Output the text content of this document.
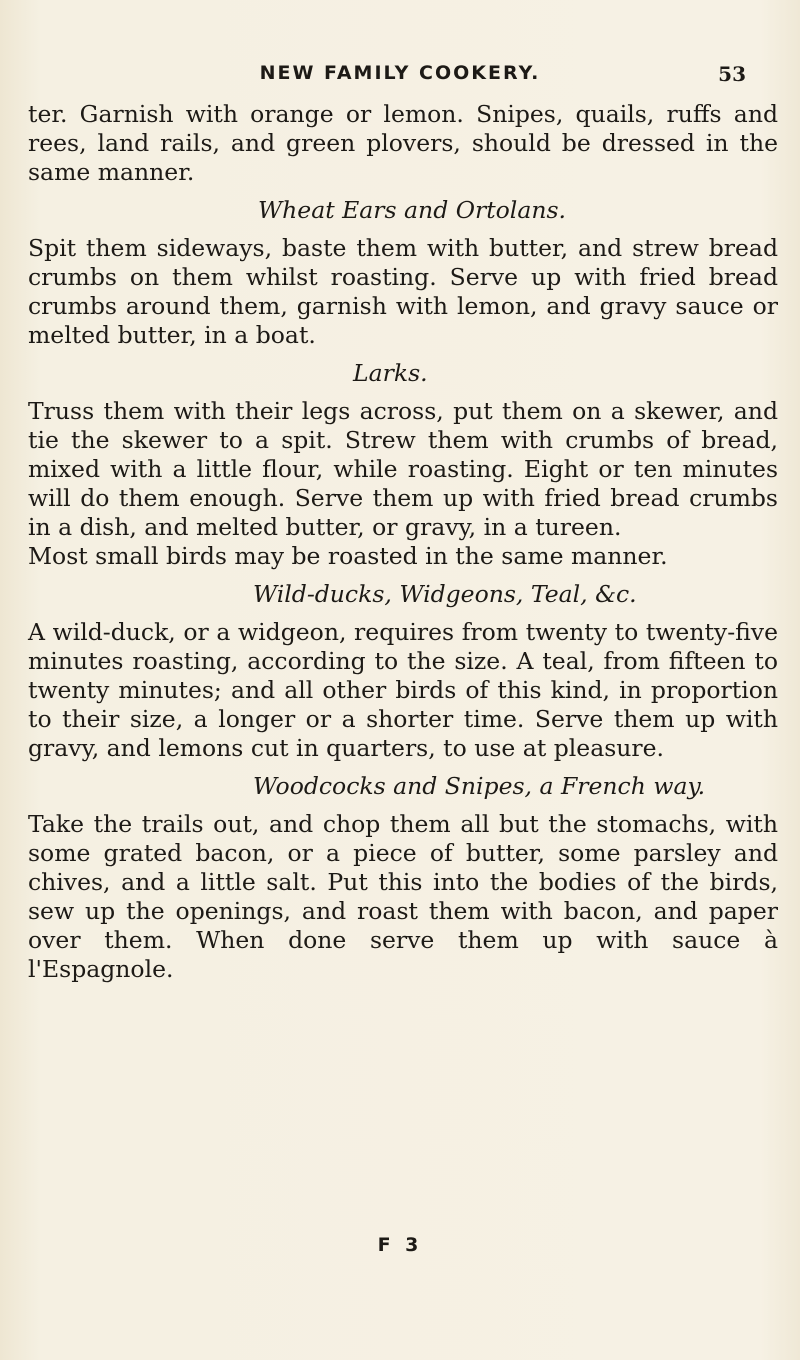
NEW FAMILY COOKERY.	53

ter. Garnish with orange or lemon. Snipes, quails, ruffs and rees, land rails, and green plovers, should be dressed in the same manner.

Wheat Ears and Ortolans.

Spit them sideways, baste them with butter, and strew bread crumbs on them whilst roasting. Serve up with fried bread crumbs around them, garnish with lemon, and gravy sauce or melted butter, in a boat.

Larks.

Truss them with their legs across, put them on a skewer, and tie the skewer to a spit. Strew them with crumbs of bread, mixed with a little flour, while roasting. Eight or ten minutes will do them enough. Serve them up with fried bread crumbs in a dish, and melted butter, or gravy, in a tureen.

Most small birds may be roasted in the same manner.

Wild-ducks, Widgeons, Teal, &c.

A wild-duck, or a widgeon, requires from twenty to twenty-five minutes roasting, according to the size. A teal, from fifteen to twenty minutes; and all other birds of this kind, in proportion to their size, a longer or a shorter time. Serve them up with gravy, and lemons cut in quarters, to use at pleasure.

Woodcocks and Snipes, a French way.

Take the trails out, and chop them all but the stomachs, with some grated bacon, or a piece of butter, some parsley and chives, and a little salt. Put this into the bodies of the birds, sew up the openings, and roast them with bacon, and paper over them. When done serve them up with sauce à l'Espagnole.

F 3
